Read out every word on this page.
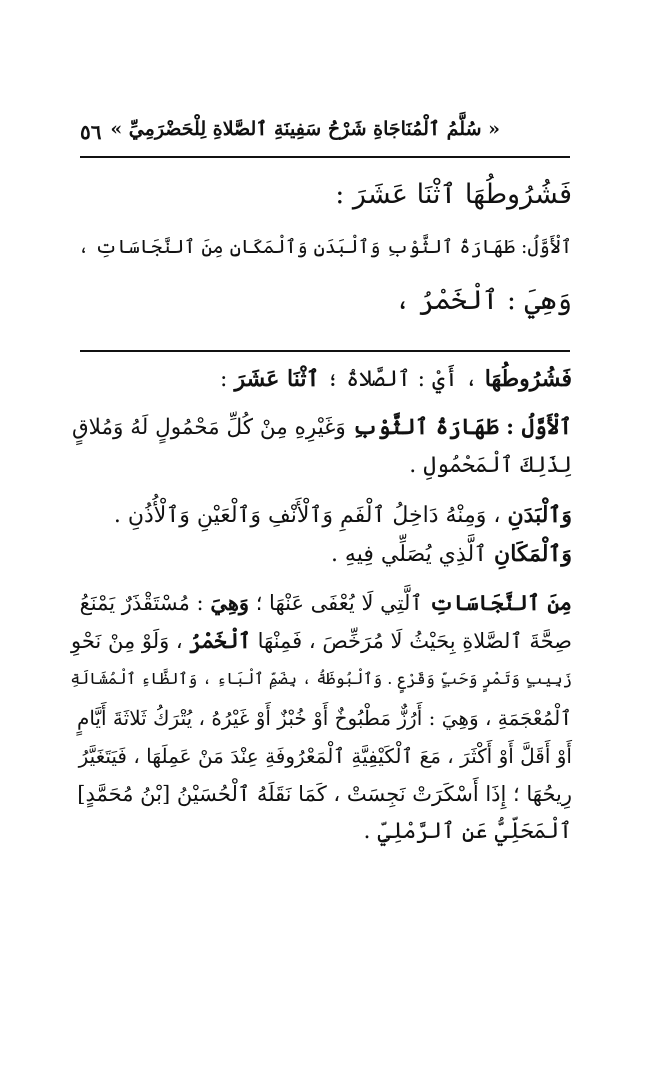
« سُلَّمُ ٱلْمُنَاجَاةِ شَرْحُ سَفِينَةِ ٱلصَّلاةِ لِلْحَضْرَمِيِّ »
٥٦
فَشُرُوطُهَا ٱثْنَا عَشَرَ :
ٱلْأَوَّلُ: طَهَارَةُ ٱلثَّوْبِ وَٱلْبَدَنِ وَٱلْمَكَانِ مِنَ ٱلنَّجَاسَاتِ ،
وَهِيَ : ٱلْخَمْرُ ،
فَشُرُوطُهَا ، أَيْ : ٱلصَّلاةُ ؛ ٱثْنَا عَشَرَ :
ٱلْأَوَّلُ : طَهَارَةُ ٱلثَّوْبِ وَغَيْرِهِ مِنْ كُلِّ مَحْمُولٍ لَهُ وَمُلاقٍ
لِذَلِكَ ٱلْمَحْمُولِ .
وَٱلْبَدَنِ ، وَمِنْهُ دَاخِلُ ٱلْفَمِ وَٱلْأَنْفِ وَٱلْعَيْنِ وَٱلْأُذُنِ .
وَٱلْمَكَانِ ٱلَّذِي يُصَلِّي فِيهِ .
مِنَ ٱلنَّجَاسَاتِ ٱلَّتِي لَا يُعْفَى عَنْهَا ؛ وَهِيَ : مُسْتَقْذَرٌ يَمْنَعُ
صِحَّةَ ٱلصَّلاةِ بِحَيْثُ لَا مُرَخِّصَ ، فَمِنْهَا ٱلْخَمْرُ ، وَلَوْ مِنْ نَحْوِ
زَبِيبٍ وَتَمْرٍ وَحَبٍّ وَقَرْعٍ . وَٱلْبُوظَةُ ، بِضَمِّ ٱلْبَاءِ ، وَٱلظَّاءِ ٱلْمُشَالَةِ
ٱلْمُعْجَمَةِ ، وَهِيَ : أَرُزٌّ مَطْبُوخٌ أَوْ خُبْزٌ أَوْ غَيْرُهُ ، يُتْرَكُ ثَلاثَةَ أَيَّامٍ
أَوْ أَقَلَّ أَوْ أَكْثَرَ ، مَعَ ٱلْكَيْفِيَّةِ ٱلْمَعْرُوفَةِ عِنْدَ مَنْ عَمِلَهَا ، فَيَتَغَيَّرُ
رِيحُهَا ؛ إِذَا أَسْكَرَتْ نَجِسَتْ ، كَمَا نَقَلَهُ ٱلْحُسَيْنُ [بْنُ مُحَمَّدٍ]
ٱلْمَحَلِّيُّ عَنِ ٱلرَّمْلِيِّ .
